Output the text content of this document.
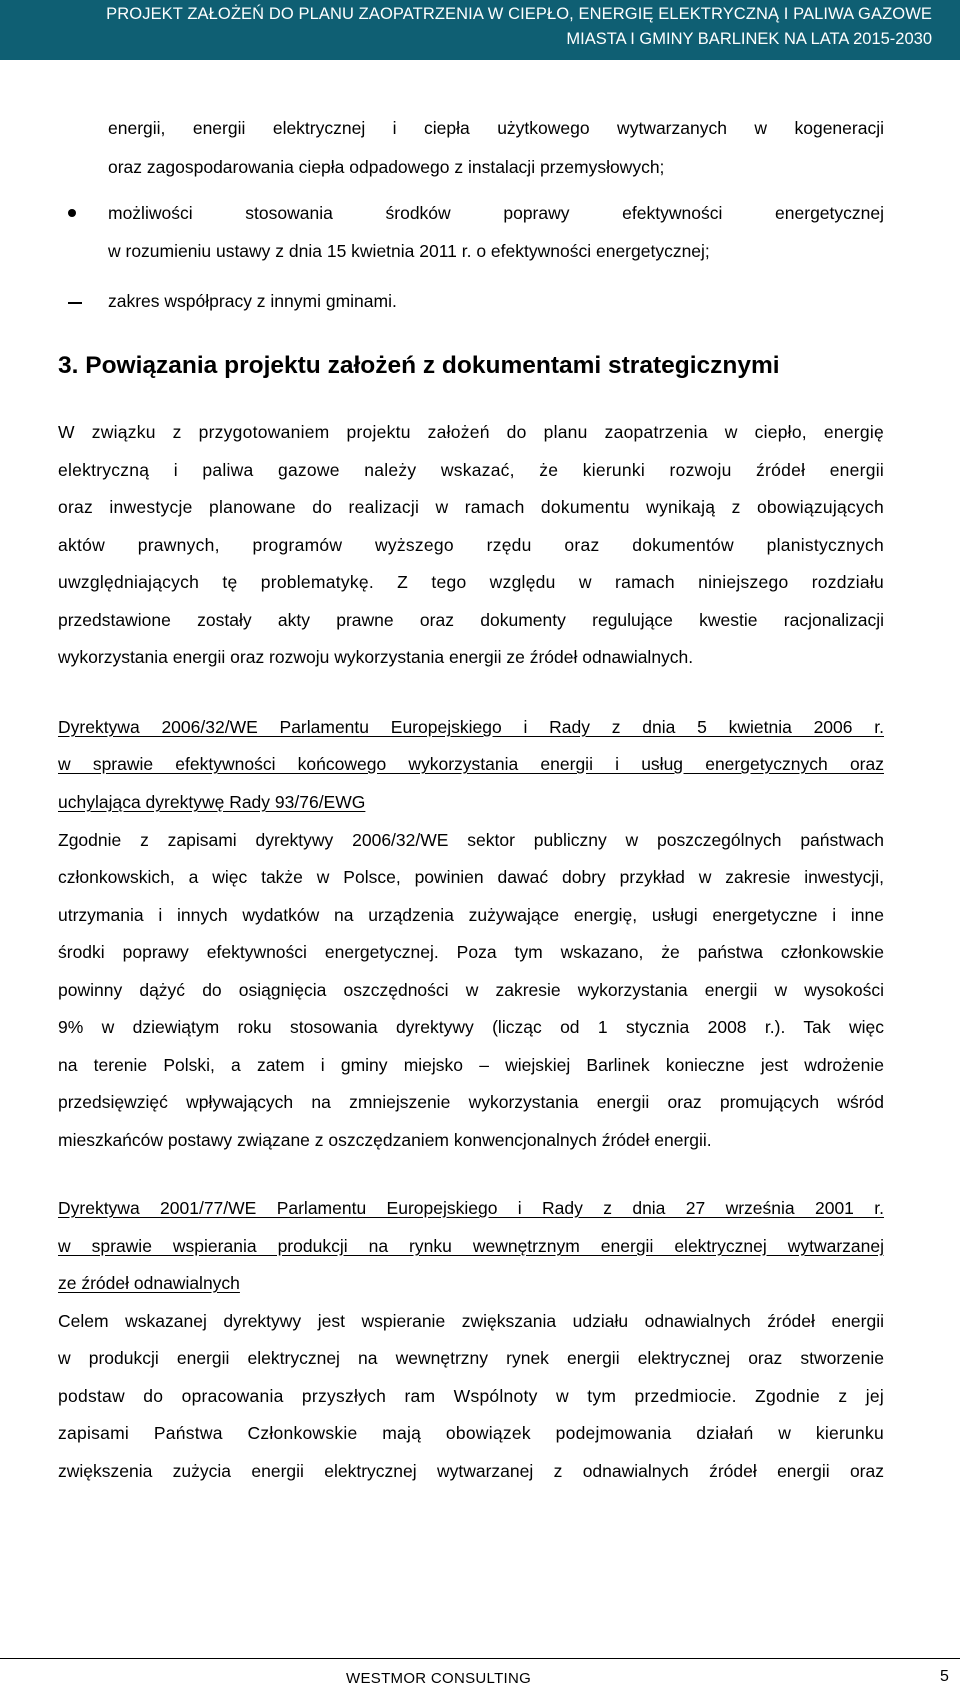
PROJEKT ZAŁOŻEŃ DO PLANU ZAOPATRZENIA W CIEPŁO, ENERGIĘ ELEKTRYCZNĄ I PALIWA GAZOWE
MIASTA I GMINY BARLINEK NA LATA 2015-2030
energii, energii elektrycznej i ciepła użytkowego wytwarzanych w kogeneracji
oraz zagospodarowania ciepła odpadowego z instalacji przemysłowych;
możliwości stosowania środków poprawy efektywności energetycznej
w rozumieniu ustawy z dnia 15 kwietnia 2011 r. o efektywności energetycznej;
zakres współpracy z innymi gminami.
3. Powiązania projektu założeń z dokumentami strategicznymi
W związku z przygotowaniem projektu założeń do planu zaopatrzenia w ciepło, energię
elektryczną i paliwa gazowe należy wskazać, że kierunki rozwoju źródeł energii
oraz inwestycje planowane do realizacji w ramach dokumentu wynikają z obowiązujących
aktów prawnych, programów wyższego rzędu oraz dokumentów planistycznych
uwzględniających tę problematykę. Z tego względu w ramach niniejszego rozdziału
przedstawione zostały akty prawne oraz dokumenty regulujące kwestie racjonalizacji
wykorzystania energii oraz rozwoju wykorzystania energii ze źródeł odnawialnych.
Dyrektywa 2006/32/WE Parlamentu Europejskiego i Rady z dnia 5 kwietnia 2006 r.
w sprawie efektywności końcowego wykorzystania energii i usług energetycznych oraz
uchylająca dyrektywę Rady 93/76/EWG
Zgodnie z zapisami dyrektywy 2006/32/WE sektor publiczny w poszczególnych państwach
członkowskich, a więc także w Polsce, powinien dawać dobry przykład w zakresie inwestycji,
utrzymania i innych wydatków na urządzenia zużywające energię, usługi energetyczne i inne
środki poprawy efektywności energetycznej. Poza tym wskazano, że państwa członkowskie
powinny dążyć do osiągnięcia oszczędności w zakresie wykorzystania energii w wysokości
9% w dziewiątym roku stosowania dyrektywy (licząc od 1 stycznia 2008 r.). Tak więc
na terenie Polski, a zatem i gminy miejsko – wiejskiej Barlinek konieczne jest wdrożenie
przedsięwzięć wpływających na zmniejszenie wykorzystania energii oraz promujących wśród
mieszkańców postawy związane z oszczędzaniem konwencjonalnych źródeł energii.
Dyrektywa 2001/77/WE Parlamentu Europejskiego i Rady z dnia 27 września 2001 r.
w sprawie wspierania produkcji na rynku wewnętrznym energii elektrycznej wytwarzanej
ze źródeł odnawialnych
Celem wskazanej dyrektywy jest wspieranie zwiększania udziału odnawialnych źródeł energii
w produkcji energii elektrycznej na wewnętrzny rynek energii elektrycznej oraz stworzenie
podstaw do opracowania przyszłych ram Wspólnoty w tym przedmiocie. Zgodnie z jej
zapisami Państwa Członkowskie mają obowiązek podejmowania działań w kierunku
zwiększenia zużycia energii elektrycznej wytwarzanej z odnawialnych źródeł energii oraz
WESTMOR CONSULTING	5
